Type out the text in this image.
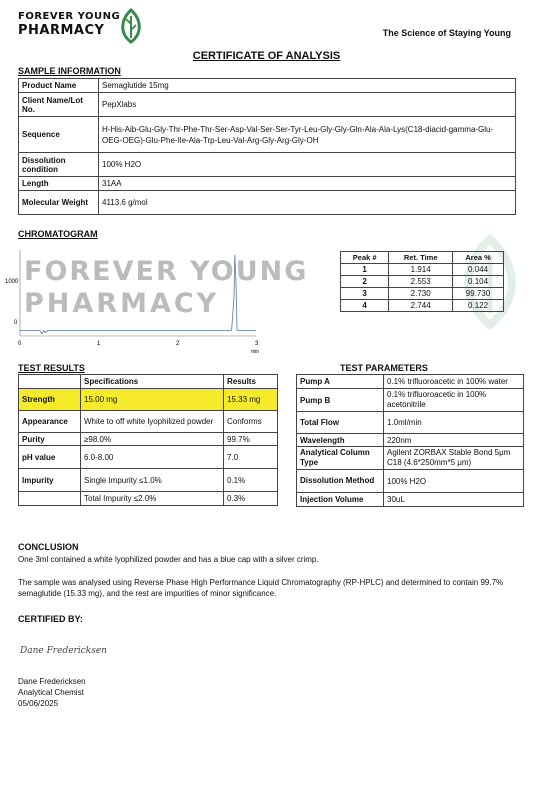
FOREVER YOUNG
PHARMACY	The Science of Staying Young
CERTIFICATE OF ANALYSIS
SAMPLE INFORMATION
Product Name	Semaglutide 15mg
Client Name/Lot No.	PepXlabs
Sequence	H-His-Aib-Glu-Gly-Thr-Phe-Thr-Ser-Asp-Val-Ser-Ser-Tyr-Leu-Gly-Gly-Gln-Ala-Ala-Lys(C18-diacid-gamma-Glu-OEG-OEG)-Glu-Phe-Ile-Ala-Trp-Leu-Val-Arg-Gly-Arg-Gly-OH
Dissolution condition	100% H2O
Length	31AA
Molecular Weight	4113.6 g/mol
CHROMATOGRAM
FOREVER YOUNG
PHARMACY
1000
0
0	1	2	3
min
Peak #	Ret. Time	Area %
1	1.914	0.044
2	2.553	0.104
3	2.730	99.730
4	2.744	0.122
TEST RESULTS
	Specifications	Results
Strength	15.00 mg	15.33 mg
Appearance	White to off white lyophilized powder	Conforms
Purity	≥98.0%	99.7%
pH value	6.0-8.00	7.0
Impurity	Single Impurity ≤1.0%	0.1%
	Total Impurity ≤2.0%	0.3%
TEST PARAMETERS
Pump A	0.1% trifluoroacetic in 100% water
Pump B	0.1% trifluoroacetic in 100% acetonitrile
Total Flow	1.0ml/min
Wavelength	220nm
Analytical Column Type	Agilent ZORBAX Stable Bond 5μm C18 (4.6*250mm*5 μm)
Dissolution Method	100% H2O
Injection Volume	30uL
CONCLUSION
One 3ml contained a white lyophilized powder and has a blue cap with a silver crimp.
The sample was analysed using Reverse Phase High Performance Liquid Chromatography (RP-HPLC) and determined to contain 99.7% semaglutide (15.33 mg), and the rest are impurities of minor significance.
CERTIFIED BY:
Dane Fredericksen
Dane Fredericksen
Analytical Chemist
05/06/2025
